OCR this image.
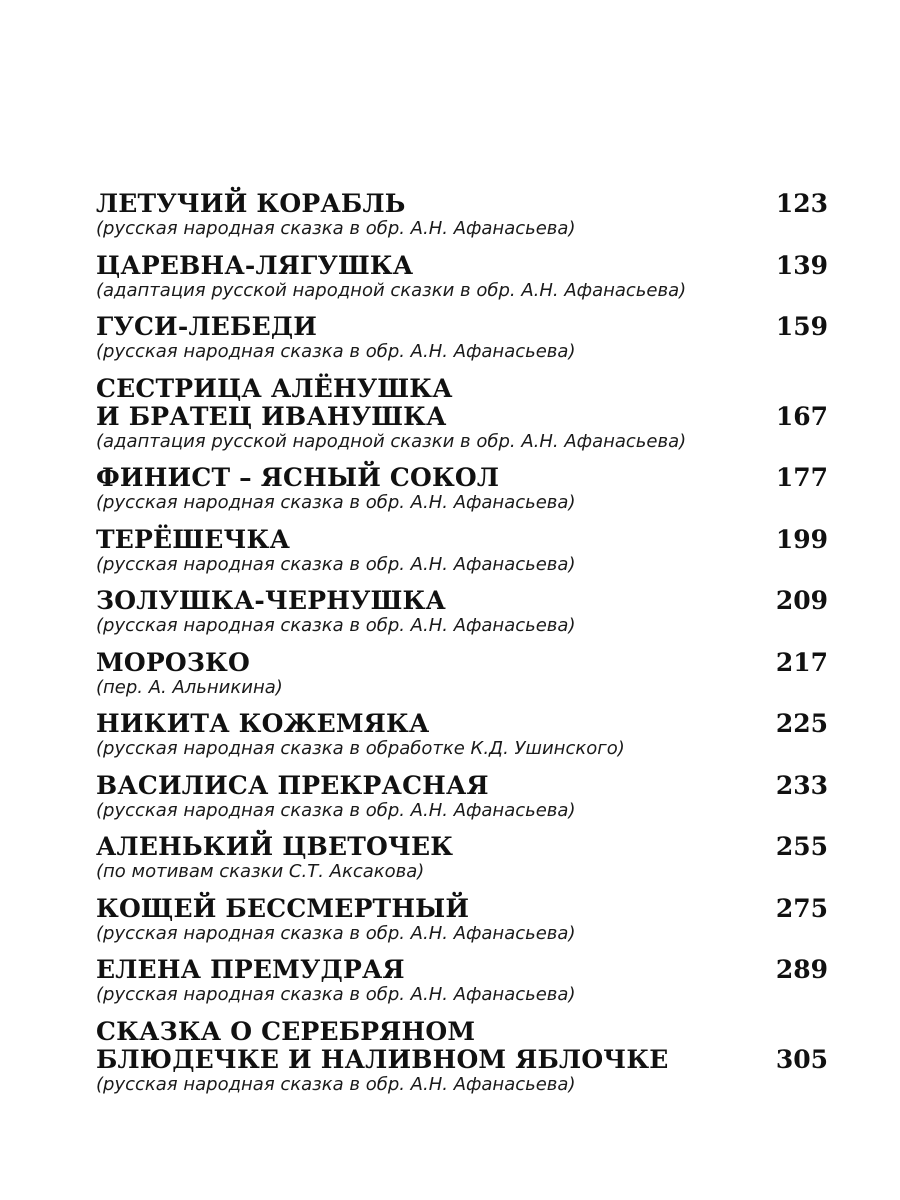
ЛЕТУЧИЙ КОРАБЛЬ	123
(русская народная сказка в обр. А.Н. Афанасьева)
ЦАРЕВНА-ЛЯГУШКА	139
(адаптация русской народной сказки в обр. А.Н. Афанасьева)
ГУСИ-ЛЕБЕДИ	159
(русская народная сказка в обр. А.Н. Афанасьева)
СЕСТРИЦА АЛЁНУШКА
И БРАТЕЦ ИВАНУШКА	167
(адаптация русской народной сказки в обр. А.Н. Афанасьева)
ФИНИСТ – ЯСНЫЙ СОКОЛ	177
(русская народная сказка в обр. А.Н. Афанасьева)
ТЕРЁШЕЧКА	199
(русская народная сказка в обр. А.Н. Афанасьева)
ЗОЛУШКА-ЧЕРНУШКА	209
(русская народная сказка в обр. А.Н. Афанасьева)
МОРОЗКО	217
(пер. А. Альникина)
НИКИТА КОЖЕМЯКА	225
(русская народная сказка в обработке К.Д. Ушинского)
ВАСИЛИСА ПРЕКРАСНАЯ	233
(русская народная сказка в обр. А.Н. Афанасьева)
АЛЕНЬКИЙ ЦВЕТОЧЕК	255
(по мотивам сказки С.Т. Аксакова)
КОЩЕЙ БЕССМЕРТНЫЙ	275
(русская народная сказка в обр. А.Н. Афанасьева)
ЕЛЕНА ПРЕМУДРАЯ	289
(русская народная сказка в обр. А.Н. Афанасьева)
СКАЗКА О СЕРЕБРЯНОМ
БЛЮДЕЧКЕ И НАЛИВНОМ ЯБЛОЧКЕ	305
(русская народная сказка в обр. А.Н. Афанасьева)
